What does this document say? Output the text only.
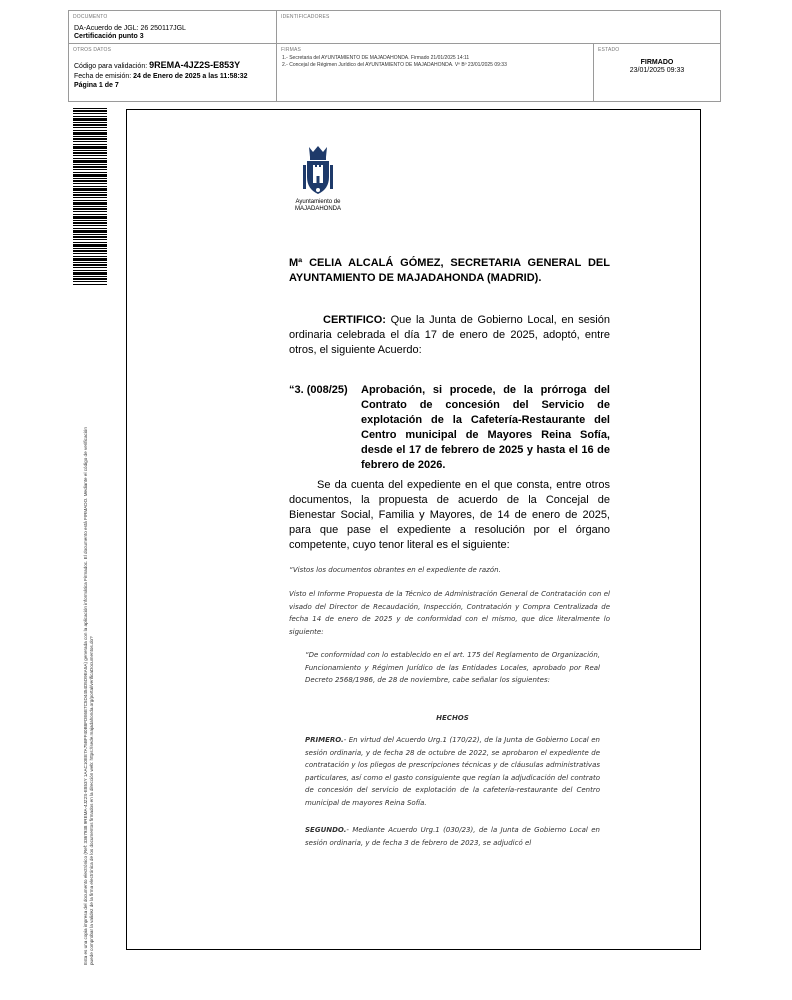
DOCUMENTO
DA-Acuerdo de JGL: 26 250117JGL
Certificación punto 3
IDENTIFICADORES
OTROS DATOS
Código para validación: 9REMA-4JZ2S-E853Y
Fecha de emisión: 24 de Enero de 2025 a las 11:58:32
Página 1 de 7
FIRMAS
1.- Secretaria del AYUNTAMIENTO DE MAJADAHONDA. Firmado 21/01/2025 14:11
2.- Concejal de Régimen Jurídico del AYUNTAMIENTO DE MAJADAHONDA. Vº Bº 23/01/2025 09:33
ESTADO
FIRMADO
23/01/2025 09:33
Esta es una copia impresa del documento electrónico (Ref: 3367938 9REMA-4JZ2S-E853Y 1AAC10EE7A75BFF40B8FDE6E7C5D4454D5D9EA5A) generada con la aplicación informática Firmadoc. El documento está FIRMADO. Mediante el código de verificación puede comprobar la validez de la firma electrónica de los documentos firmados en la dirección web: https://sede.majadahonda.org/portal/verificaDocumentos.do?
Ayuntamiento de
MAJADAHONDA
Mª CELIA ALCALÁ GÓMEZ, SECRETARIA GENERAL DEL AYUNTAMIENTO DE MAJADAHONDA (MADRID).
CERTIFICO: Que la Junta de Gobierno Local, en sesión ordinaria celebrada el día 17 de enero de 2025, adoptó, entre otros, el siguiente Acuerdo:
“3. (008/25) Aprobación, si procede, de la prórroga del Contrato de concesión del Servicio de explotación de la Cafetería-Restaurante del Centro municipal de Mayores Reina Sofía, desde el 17 de febrero de 2025 y hasta el 16 de febrero de 2026.
Se da cuenta del expediente en el que consta, entre otros documentos, la propuesta de acuerdo de la Concejal de Bienestar Social, Familia y Mayores, de 14 de enero de 2025, para que pase el expediente a resolución por el órgano competente, cuyo tenor literal es el siguiente:
“Vistos los documentos obrantes en el expediente de razón.
Visto el Informe Propuesta de la Técnico de Administración General de Contratación con el visado del Director de Recaudación, Inspección, Contratación y Compra Centralizada de fecha 14 de enero de 2025 y de conformidad con el mismo, que dice literalmente lo siguiente:
“De conformidad con lo establecido en el art. 175 del Reglamento de Organización, Funcionamiento y Régimen Jurídico de las Entidades Locales, aprobado por Real Decreto 2568/1986, de 28 de noviembre, cabe señalar los siguientes:
HECHOS
PRIMERO.- En virtud del Acuerdo Urg.1 (170/22), de la Junta de Gobierno Local en sesión ordinaria, y de fecha 28 de octubre de 2022, se aprobaron el expediente de contratación y los pliegos de prescripciones técnicas y de cláusulas administrativas particulares, así como el gasto consiguiente que regían la adjudicación del contrato de concesión del servicio de explotación de la cafetería-restaurante del Centro municipal de mayores Reina Sofía.
SEGUNDO.- Mediante Acuerdo Urg.1 (030/23), de la Junta de Gobierno Local en sesión ordinaria, y de fecha 3 de febrero de 2023, se adjudicó el
